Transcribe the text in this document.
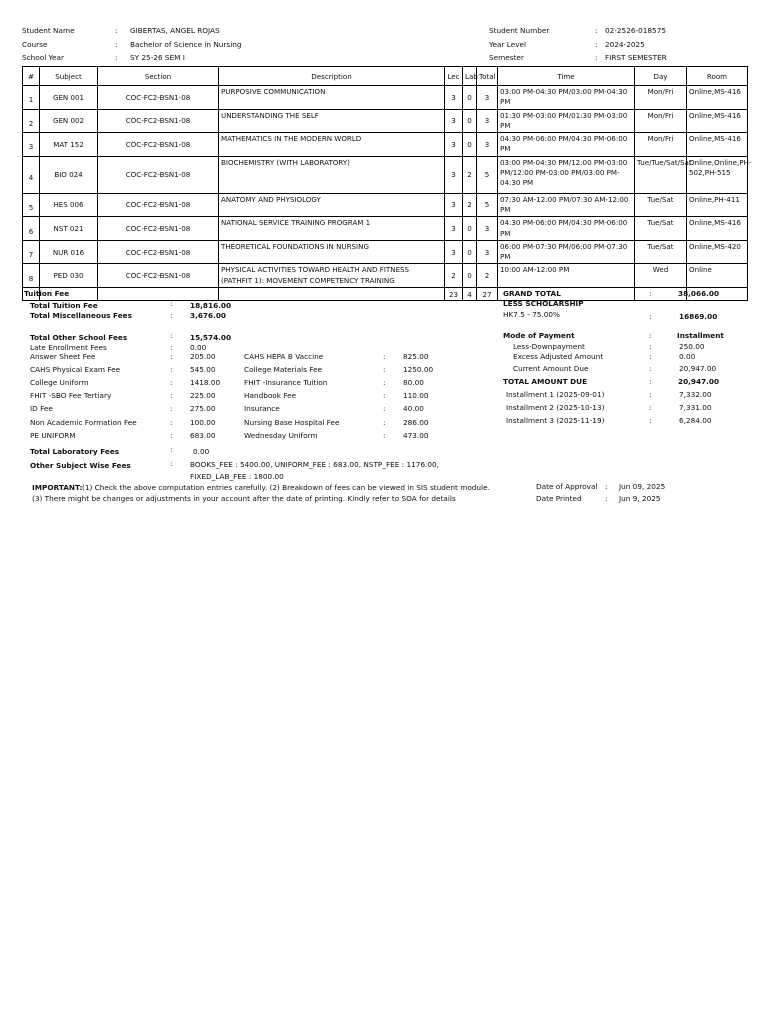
Student Name	: GIBERTAS, ANGEL ROJAS
Course	: Bachelor of Science in Nursing
School Year	: SY 25-26 SEM I
Student Number	: 02-2526-018575
Year Level	: 2024-2025
Semester	: FIRST SEMESTER
#	Subject	Section	Description	Lec	Lab	Total	Time	Day	Room
1	GEN 001	COC-FC2-BSN1-08	PURPOSIVE COMMUNICATION	3	0	3	03:00 PM-04:30 PM/03:00 PM-04:30 PM	Mon/Fri	Online,MS-416
2	GEN 002	COC-FC2-BSN1-08	UNDERSTANDING THE SELF	3	0	3	01:30 PM-03:00 PM/01:30 PM-03:00 PM	Mon/Fri	Online,MS-416
3	MAT 152	COC-FC2-BSN1-08	MATHEMATICS IN THE MODERN WORLD	3	0	3	04:30 PM-06:00 PM/04:30 PM-06:00 PM	Mon/Fri	Online,MS-416
4	BIO 024	COC-FC2-BSN1-08	BIOCHEMISTRY (WITH LABORATORY)	3	2	5	03:00 PM-04:30 PM/12:00 PM-03:00 PM/12:00 PM-03:00 PM/03:00 PM-04:30 PM	Tue/Tue/Sat/Sat	Online,Online,PH-502,PH-515
5	HES 006	COC-FC2-BSN1-08	ANATOMY AND PHYSIOLOGY	3	2	5	07:30 AM-12:00 PM/07:30 AM-12:00 PM	Tue/Sat	Online,PH-411
6	NST 021	COC-FC2-BSN1-08	NATIONAL SERVICE TRAINING PROGRAM 1	3	0	3	04:30 PM-06:00 PM/04:30 PM-06:00 PM	Tue/Sat	Online,MS-416
7	NUR 016	COC-FC2-BSN1-08	THEORETICAL FOUNDATIONS IN NURSING	3	0	3	06:00 PM-07:30 PM/06:00 PM-07:30 PM	Tue/Sat	Online,MS-420
8	PED 030	COC-FC2-BSN1-08	PHYSICAL ACTIVITIES TOWARD HEALTH AND FITNESS (PATHFIT 1): MOVEMENT COMPETENCY TRAINING	2	0	2	10:00 AM-12:00 PM	Wed	Online
				23	4	27			
Tuition Fee
Total Tuition Fee	: 18,816.00
Total Miscellaneous Fees	: 3,676.00
Total Other School Fees	: 15,574.00
Late Enrollment Fees	: 0.00
Answer Sheet Fee	: 205.00
CAHS Physical Exam Fee	: 545.00
College Uniform	: 1418.00
FHIT -SBO Fee Tertiary	: 225.00
ID Fee	: 275.00
Non Academic Formation Fee	: 100.00
PE UNIFORM	: 683.00
CAHS HEPA B Vaccine	: 825.00
College Materials Fee	: 1250.00
FHIT -Insurance Tuition	: 80.00
Handbook Fee	: 110.00
Insurance	: 40.00
Nursing Base Hospital Fee	: 286.00
Wednesday Uniform	: 473.00
Total Laboratory Fees	:	0.00
Other Subject Wise Fees	: BOOKS_FEE : 5400.00, UNIFORM_FEE : 683.00, NSTP_FEE : 1176.00,
FIXED_LAB_FEE : 1800.00
IMPORTANT: (1) Check the above computation entries carefully. (2) Breakdown of fees can be viewed in SIS student module.
(3) There might be changes or adjustments in your account after the date of printing. Kindly refer to SOA for details
GRAND TOTAL	:	38,066.00
LESS SCHOLARSHIP
HK7.5 - 75.00%	:	16869.00
Mode of Payment	:	Installment
Less-Downpayment	:	250.00
Excess Adjusted Amount	:	0.00
Current Amount Due	:	20,947.00
TOTAL AMOUNT DUE	:	20,947.00
Installment 1 (2025-09-01)	:	7,332.00
Installment 2 (2025-10-13)	:	7,331.00
Installment 3 (2025-11-19)	:	6,284.00
Date of Approval : Jun 09, 2025
Date Printed	: Jun 9, 2025
